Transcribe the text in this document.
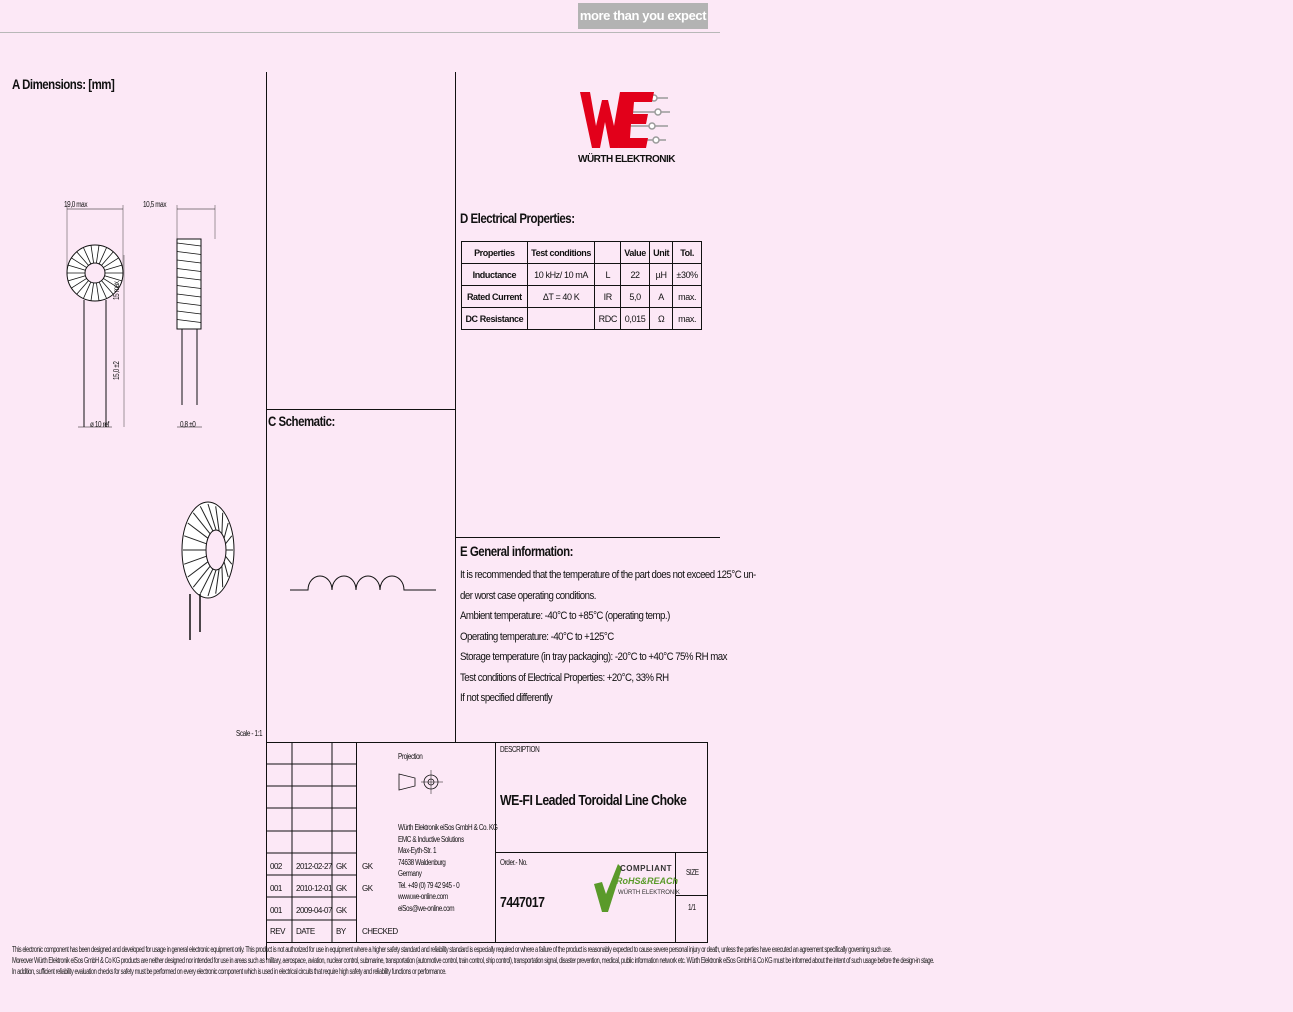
more than you expect
A Dimensions: [mm]
C Schematic:
D Electrical Properties:
E General information:
WÜRTH ELEKTRONIK
19,0 max	10,5 max
15 max
15,0 ±2
ø 10 ref	0,8 ±0
Scale - 1:1
Properties	Test conditions		Value	Unit	Tol.
Inductance	10 kHz/ 10 mA	L	22	µH	±30%
Rated Current	ΔT = 40 K	IR	5,0	A	max.
DC Resistance		RDC	0,015	Ω	max.
It is recommended that the temperature of the part does not exceed 125°C un-
der worst case operating conditions.
Ambient temperature: -40°C to +85°C (operating temp.)
Operating temperature: -40°C to +125°C
Storage temperature (in tray packaging): -20°C to +40°C 75% RH max
Test conditions of Electrical Properties: +20°C, 33% RH
If not specified differently
002	2012-02-27	GK	GK
001	2010-12-01	GK	GK
001	2009-04-07	GK	
REV	DATE	BY	CHECKED
Projection
Würth Elektronik eiSos GmbH & Co. KG
EMC & Inductive Solutions
Max-Eyth-Str. 1
74638 Waldenburg
Germany
Tel. +49 (0) 79 42 945 - 0
www.we-online.com
eiSos@we-online.com
DESCRIPTION
WE-FI Leaded Toroidal Line Choke
Order.- No.
7447017
SIZE
1/1
COMPLIANT
RoHS&REACh
WÜRTH ELEKTRONIK
This electronic component has been designed and developed for usage in general electronic equipment only. This product is not authorized for use in equipment where a higher safety standard and reliability standard is especially required or where a failure of the product is reasonably expected to cause severe personal injury or death, unless the parties have executed an agreement specifically governing such use.
Moreover Würth Elektronik eiSos GmbH & Co KG products are neither designed nor intended for use in areas such as military, aerospace, aviation, nuclear control, submarine, transportation (automotive control, train control, ship control), transportation signal, disaster prevention, medical, public information network etc. Würth Elektronik eiSos GmbH & Co KG must be informed about the intent of such usage before the design-in stage.
In addition, sufficient reliability evaluation checks for safety must be performed on every electronic component which is used in electrical circuits that require high safety and reliability functions or performance.
